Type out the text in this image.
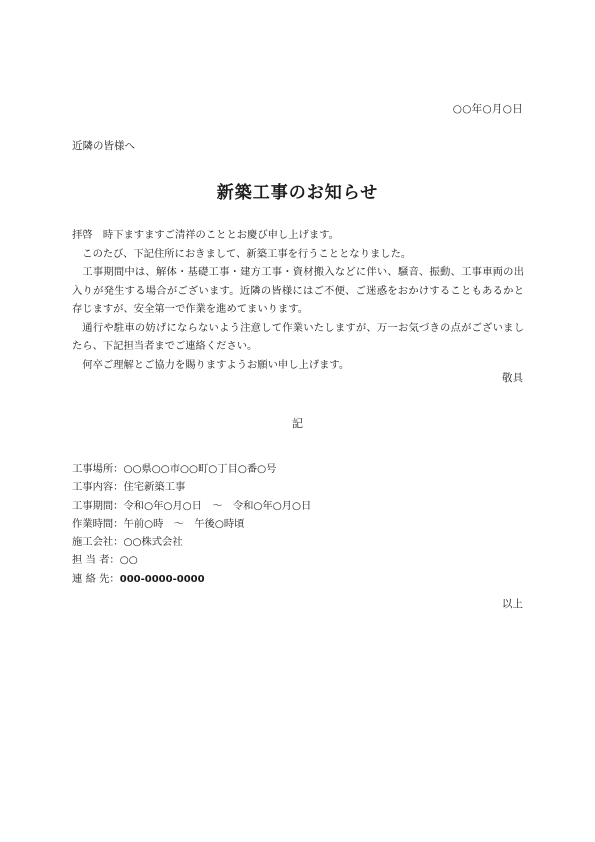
○○年○月○日
近隣の皆様へ
新築工事のお知らせ

拝啓　時下ますますご清祥のこととお慶び申し上げます。

このたび、下記住所におきまして、新築工事を行うこととなりました。

工事期間中は、解体・基礎工事・建方工事・資材搬入などに伴い、騒音、振動、工事車両の出入りが発生する場合がございます。近隣の皆様にはご不便、ご迷惑をおかけすることもあるかと存じますが、安全第一で作業を進めてまいります。

通行や駐車の妨げにならないよう注意して作業いたしますが、万一お気づきの点がございましたら、下記担当者までご連絡ください。

何卒ご理解とご協力を賜りますようお願い申し上げます。

敬具
記
工事場所：○○県○○市○○町○丁目○番○号
工事内容：住宅新築工事
工事期間：令和○年○月○日　～　令和○年○月○日
作業時間：午前○時　～　午後○時頃
施工会社：○○株式会社
担 当 者：○○
連 絡 先：000-0000-0000
以上
